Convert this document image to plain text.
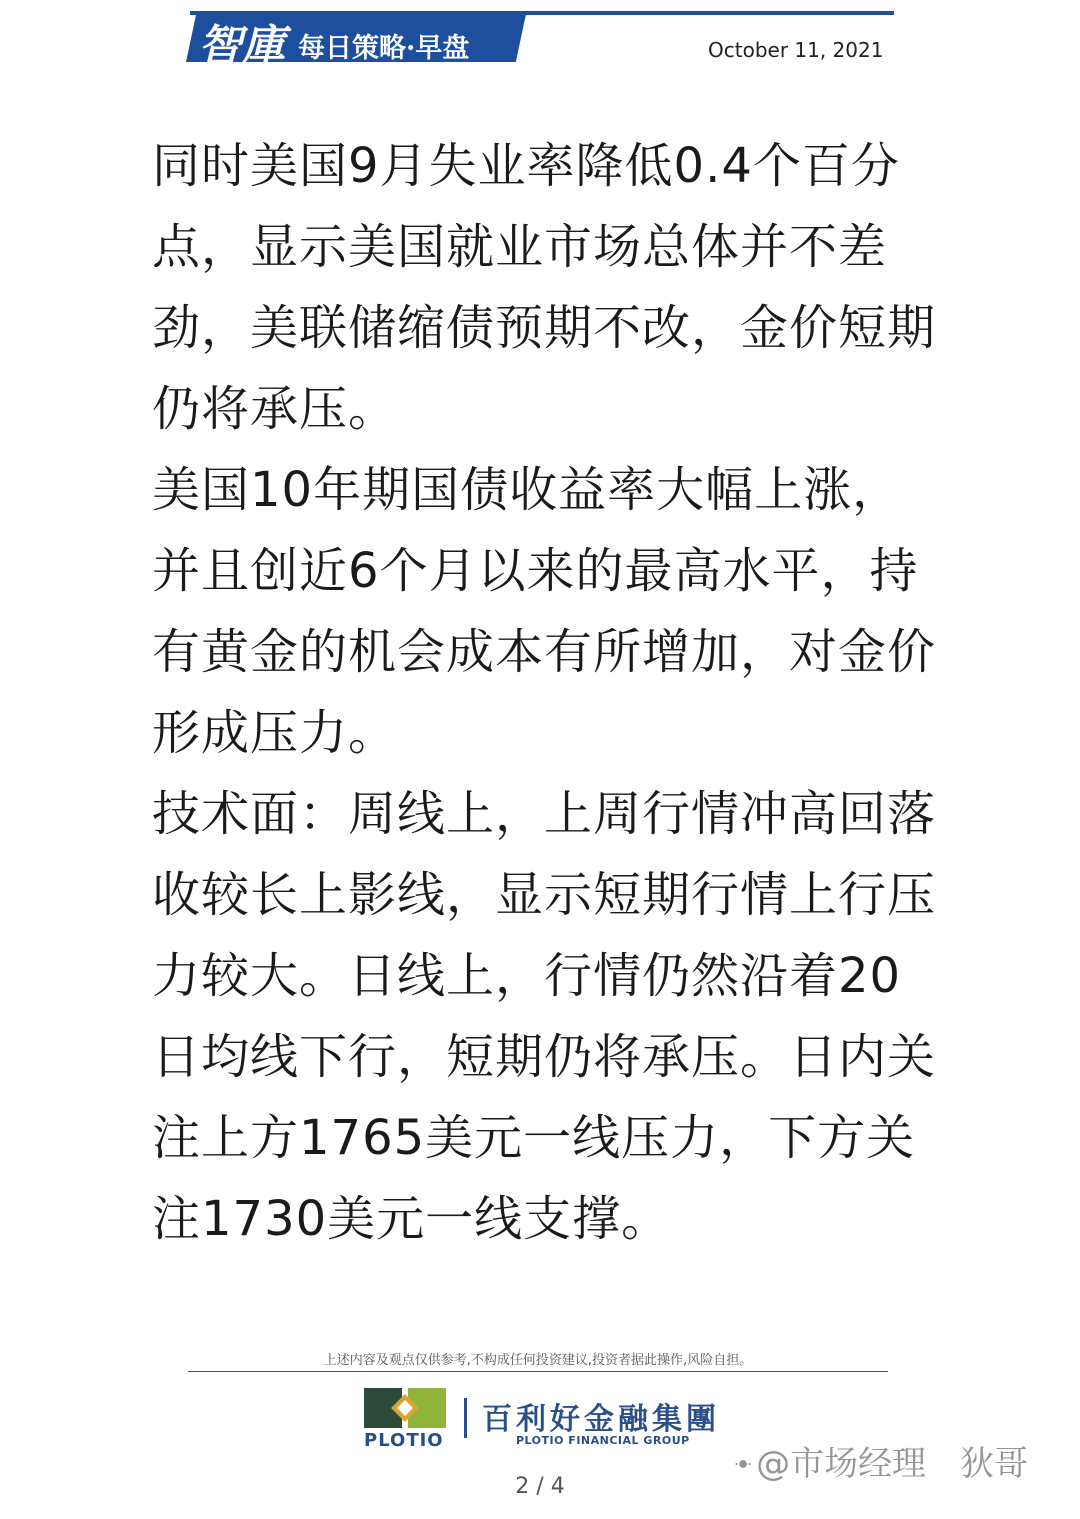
智庫 每日策略·早盘	October 11, 2021

同时美国9月失业率降低0.4个百分点，显示美国就业市场总体并不差劲，美联储缩债预期不改，金价短期仍将承压。

美国10年期国债收益率大幅上涨，并且创近6个月以来的最高水平，持有黄金的机会成本有所增加，对金价形成压力。

技术面：周线上，上周行情冲高回落收较长上影线，显示短期行情上行压力较大。日线上，行情仍然沿着20日均线下行，短期仍将承压。日内关注上方1765美元一线压力，下方关注1730美元一线支撑。

上述内容及观点仅供参考,不构成任何投资建议,投资者据此操作,风险自担。
PLOTIO
百利好金融集團
PLOTIO FINANCIAL GROUP
ꔹ @市场经理　狄哥
2 / 4
